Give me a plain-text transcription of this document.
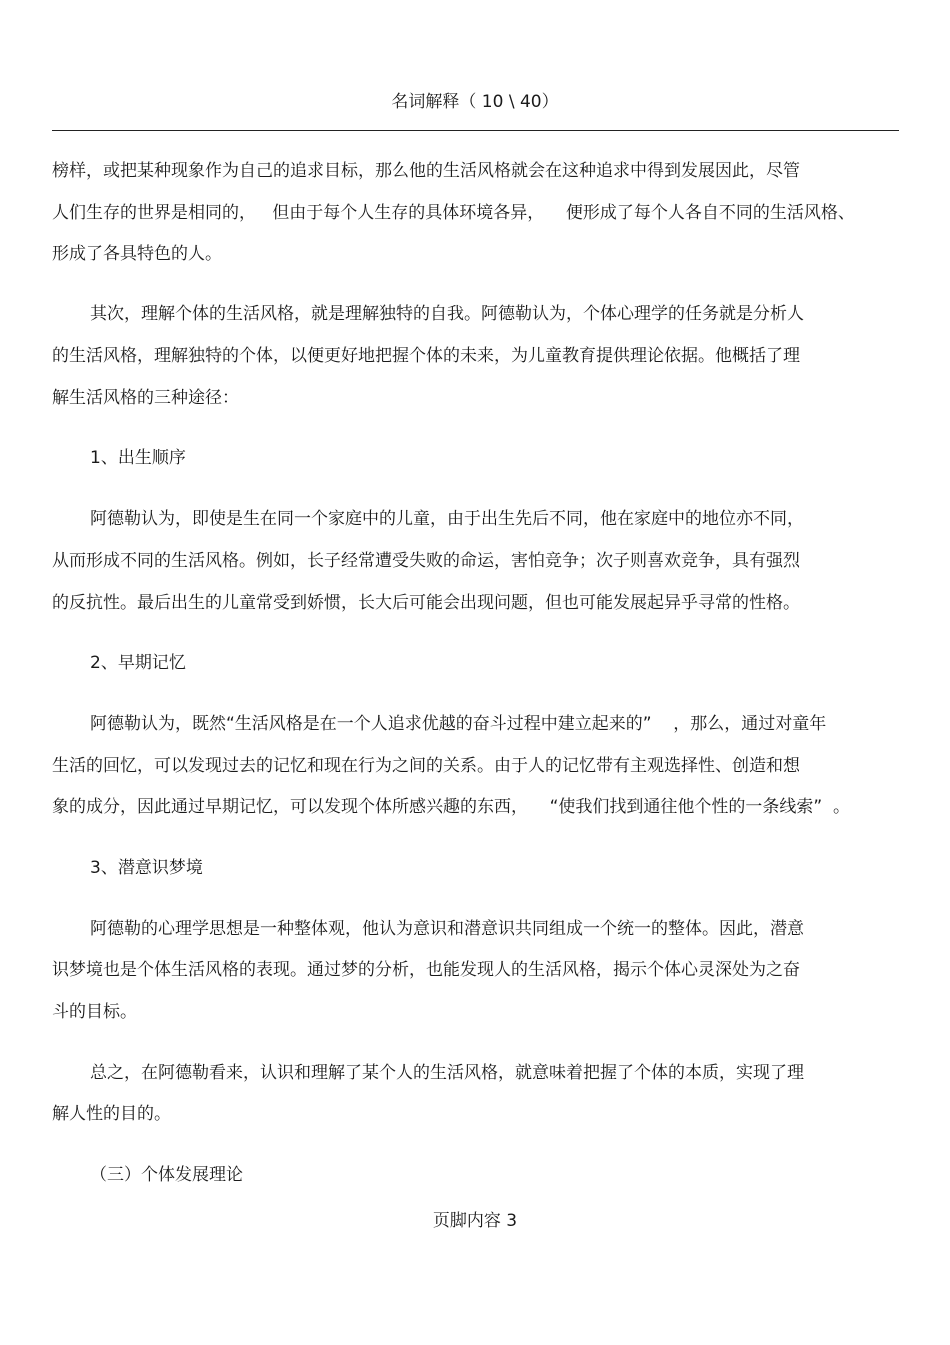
名词解释（ 10 \ 40）
榜样，或把某种现象作为自己的追求目标，那么他的生活风格就会在这种追求中得到发展因此，尽管
人们生存的世界是相同的，   但由于每个人生存的具体环境各异，    便形成了每个人各自不同的生活风格、
形成了各具特色的人。
其次，理解个体的生活风格，就是理解独特的自我。阿德勒认为，个体心理学的任务就是分析人
的生活风格，理解独特的个体，以便更好地把握个体的未来，为儿童教育提供理论依据。他概括了理
解生活风格的三种途径：
1、出生顺序
阿德勒认为，即使是生在同一个家庭中的儿童，由于出生先后不同，他在家庭中的地位亦不同，
从而形成不同的生活风格。例如，长子经常遭受失败的命运，害怕竞争；次子则喜欢竞争，具有强烈
的反抗性。最后出生的儿童常受到娇惯，长大后可能会出现问题，但也可能发展起异乎寻常的性格。
2、早期记忆
阿德勒认为，既然“生活风格是在一个人追求优越的奋斗过程中建立起来的”    ，那么，通过对童年
生活的回忆，可以发现过去的记忆和现在行为之间的关系。由于人的记忆带有主观选择性、创造和想
象的成分，因此通过早期记忆，可以发现个体所感兴趣的东西，    “使我们找到通往他个性的一条线索”  。
3、潜意识梦境
阿德勒的心理学思想是一种整体观，他认为意识和潜意识共同组成一个统一的整体。因此，潜意
识梦境也是个体生活风格的表现。通过梦的分析，也能发现人的生活风格，揭示个体心灵深处为之奋
斗的目标。
总之，在阿德勒看来，认识和理解了某个人的生活风格，就意味着把握了个体的本质，实现了理
解人性的目的。
（三）个体发展理论
页脚内容 3
